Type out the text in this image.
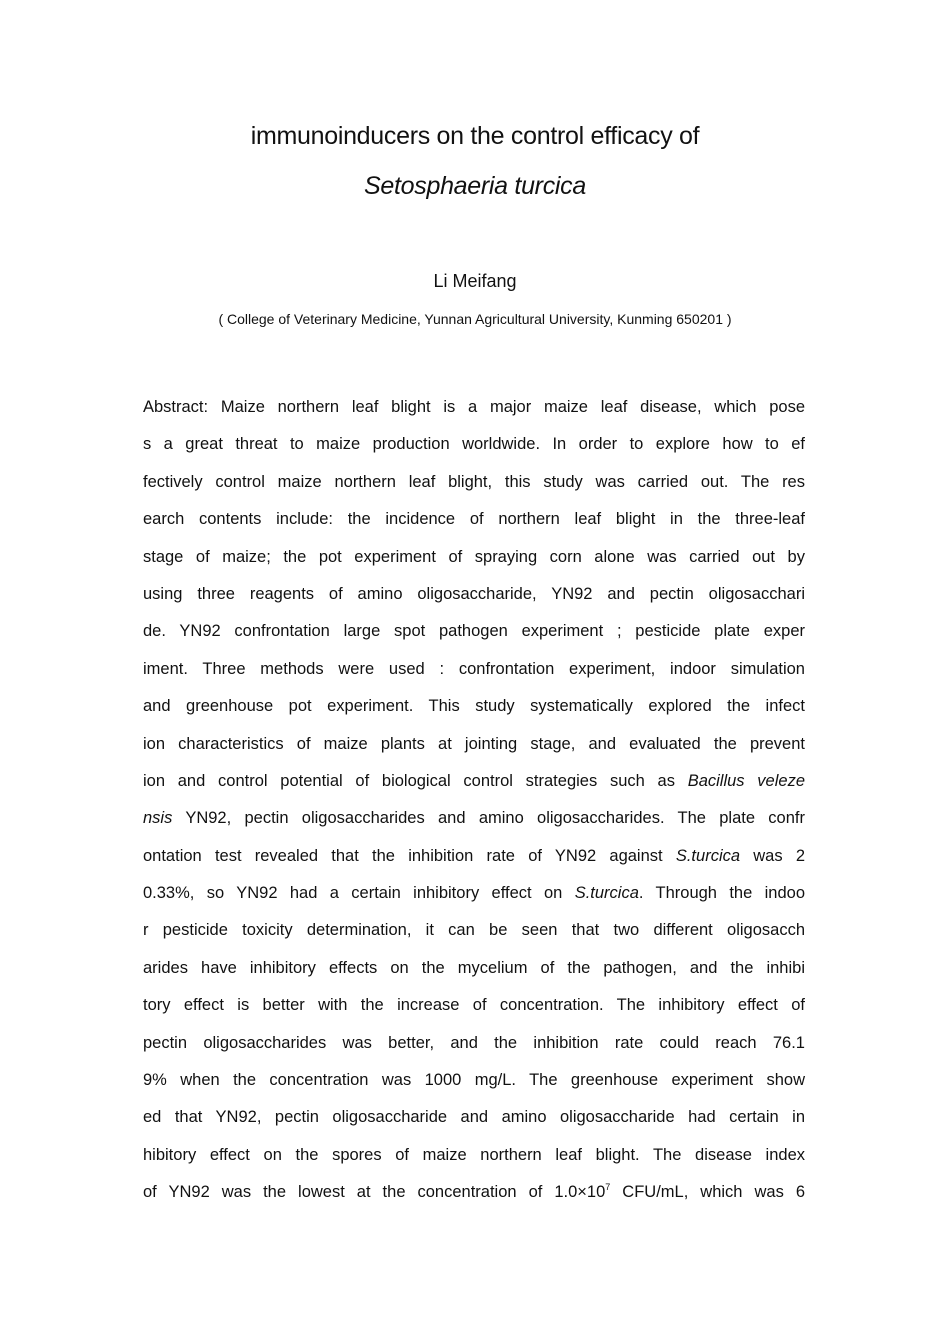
immunoinducers on the control efficacy of
Setosphaeria turcica
Li Meifang
( College of Veterinary Medicine, Yunnan Agricultural University, Kunming 650201 )
Abstract: Maize northern leaf blight is a major maize leaf disease, which pose
s a great threat to maize production worldwide. In order to explore how to ef
fectively control maize northern leaf blight, this study was carried out. The res
earch contents include: the incidence of northern leaf blight in the three-leaf
stage of maize; the pot experiment of spraying corn alone was carried out by
using three reagents of amino oligosaccharide, YN92 and pectin oligosacchari
de. YN92 confrontation large spot pathogen experiment ; pesticide plate exper
iment. Three methods were used : confrontation experiment, indoor simulation
and greenhouse pot experiment. This study systematically explored the infect
ion characteristics of maize plants at jointing stage, and evaluated the prevent
ion and control potential of biological control strategies such as Bacillus veleze
nsis YN92, pectin oligosaccharides and amino oligosaccharides. The plate confr
ontation test revealed that the inhibition rate of YN92 against S.turcica was 2
0.33%, so YN92 had a certain inhibitory effect on S.turcica. Through the indoo
r pesticide toxicity determination, it can be seen that two different oligosacch
arides have inhibitory effects on the mycelium of the pathogen, and the inhibi
tory effect is better with the increase of concentration. The inhibitory effect of
pectin oligosaccharides was better, and the inhibition rate could reach 76.1
9% when the concentration was 1000 mg/L. The greenhouse experiment show
ed that YN92, pectin oligosaccharide and amino oligosaccharide had certain in
hibitory effect on the spores of maize northern leaf blight. The disease index
of YN92 was the lowest at the concentration of $1.0\times 10^7$ CFU/mL, which was 6
